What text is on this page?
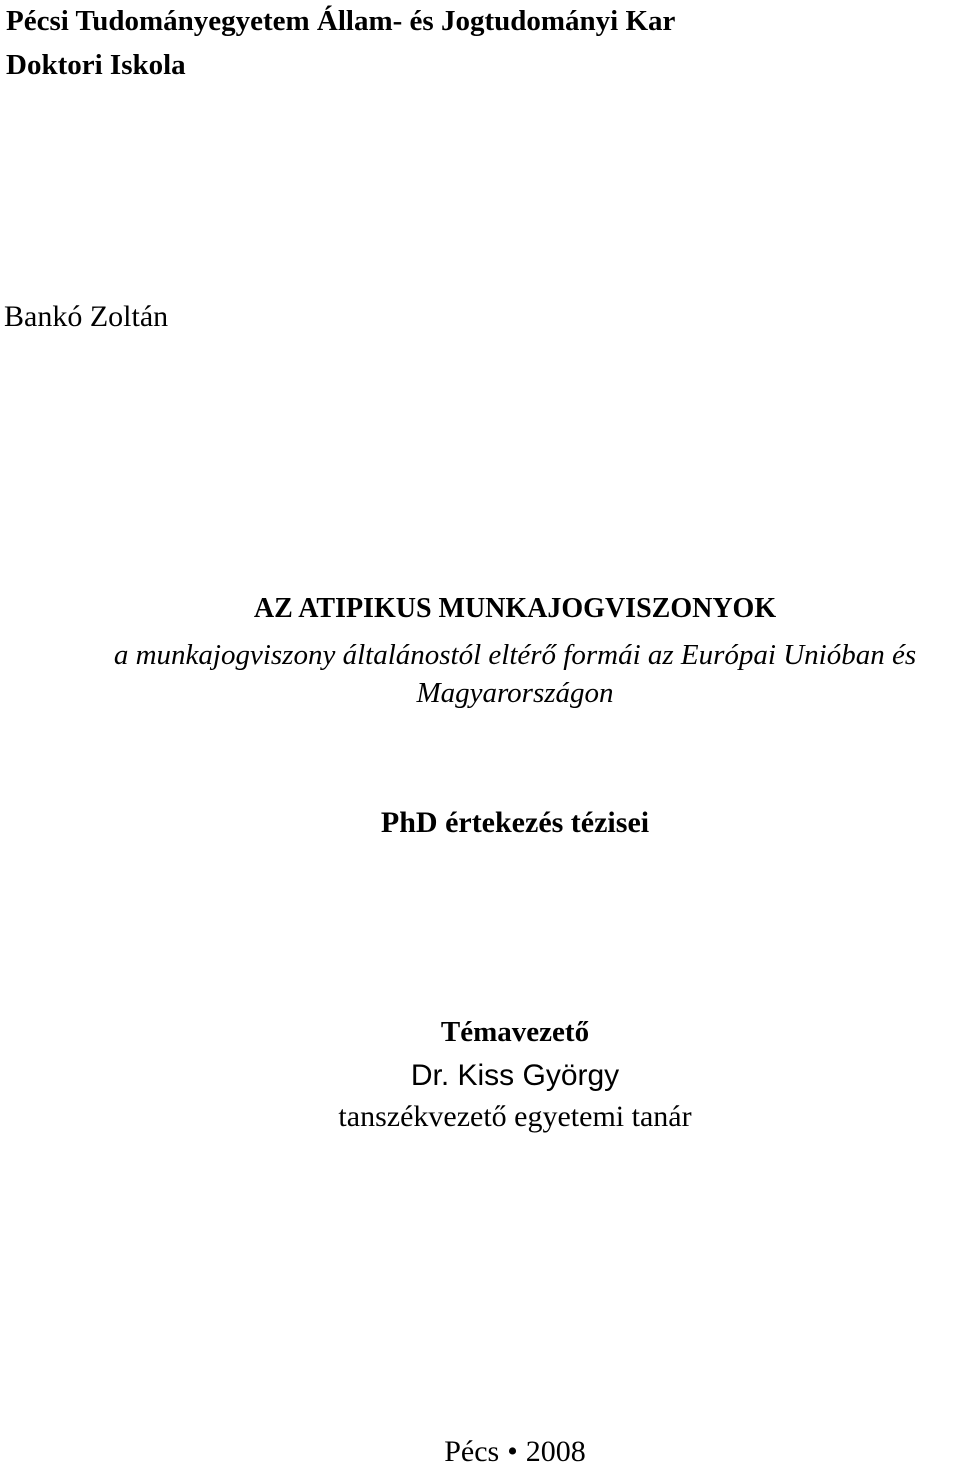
Pécsi Tudományegyetem Állam- és Jogtudományi Kar
Doktori Iskola
Bankó Zoltán
AZ ATIPIKUS MUNKAJOGVISZONYOK
a munkajogviszony általánostól eltérő formái az Európai Unióban és
Magyarországon
PhD értekezés tézisei
Témavezető
Dr. Kiss György
tanszékvezető egyetemi tanár
Pécs • 2008
